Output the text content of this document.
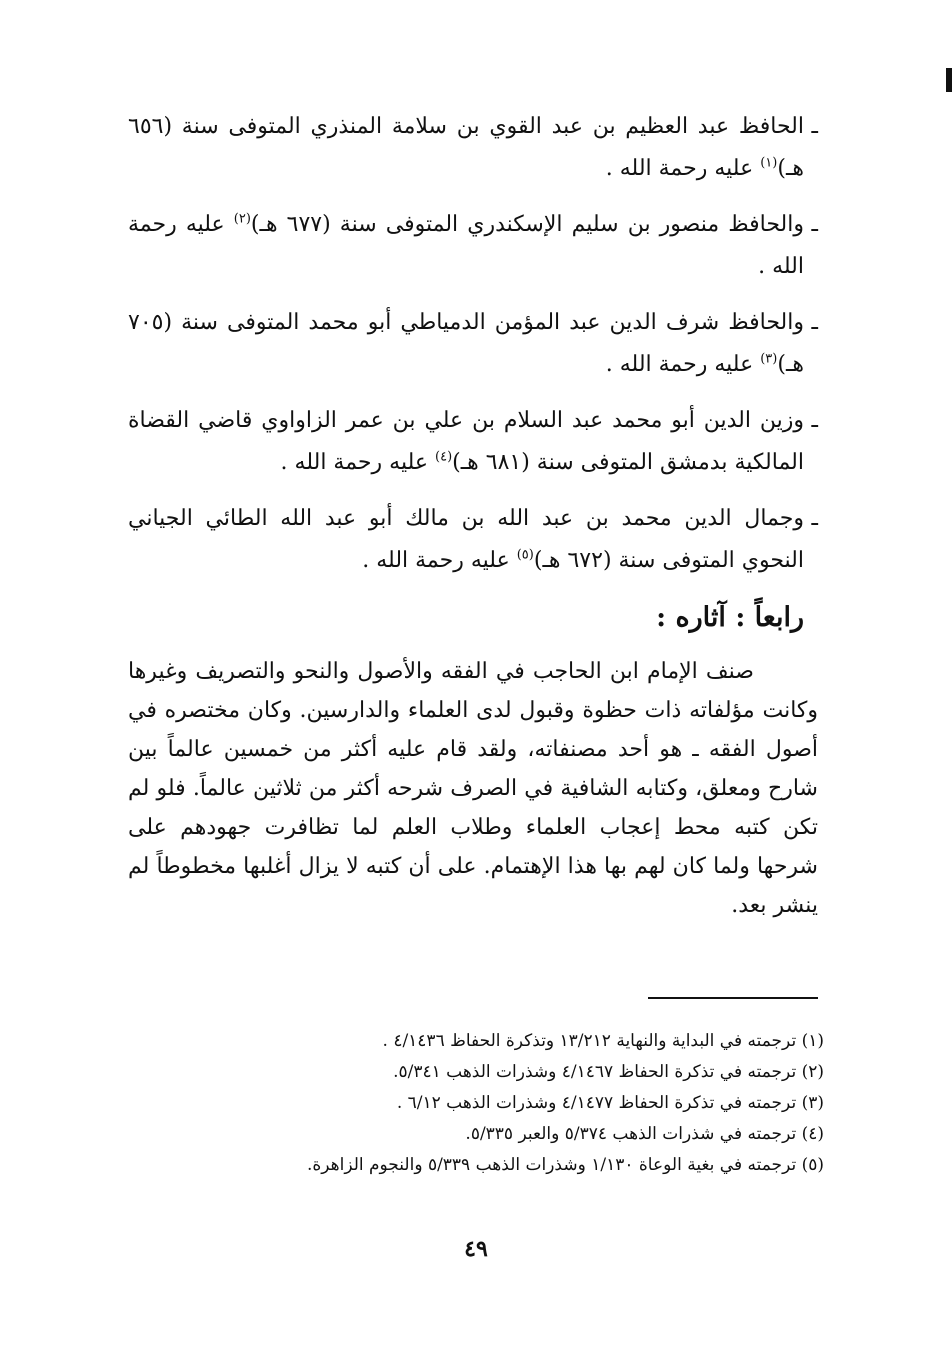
ـ
الحافظ عبد العظيم بن عبد القوي بن سلامة المنذري المتوفى سنة (٦٥٦ هـ)$^{(١)}$ عليه رحمة الله .
ـ
والحافظ منصور بن سليم الإسكندري المتوفى سنة (٦٧٧ هـ)$^{(٢)}$ عليه رحمة الله .
ـ
والحافظ شرف الدين عبد المؤمن الدمياطي أبو محمد المتوفى سنة (٧٠٥ هـ)$^{(٣)}$ عليه رحمة الله .
ـ
وزين الدين أبو محمد عبد السلام بن علي بن عمر الزاواوي قاضي القضاة المالكية بدمشق المتوفى سنة (٦٨١ هـ)$^{(٤)}$ عليه رحمة الله .
ـ
وجمال الدين محمد بن عبد الله بن مالك أبو عبد الله الطائي الجياني النحوي المتوفى سنة (٦٧٢ هـ)$^{(٥)}$ عليه رحمة الله .
رابعاً : آثاره :

صنف الإمام ابن الحاجب في الفقه والأصول والنحو والتصريف وغيرها وكانت مؤلفاته ذات حظوة وقبول لدى العلماء والدارسين. وكان مختصره في أصول الفقه ـ هو أحد مصنفاته، ولقد قام عليه أكثر من خمسين عالماً بين شارح ومعلق، وكتابه الشافية في الصرف شرحه أكثر من ثلاثين عالماً. فلو لم تكن كتبه محط إعجاب العلماء وطلاب العلم لما تظافرت جهودهم على شرحها ولما كان لهم بها هذا الإهتمام. على أن كتبه لا يزال أغلبها مخطوطاً لم ينشر بعد.

(١) ترجمته في البداية والنهاية ١٣/٢١٢ وتذكرة الحفاظ ٤/١٤٣٦ .
(٢) ترجمته في تذكرة الحفاظ ٤/١٤٦٧ وشذرات الذهب ٥/٣٤١.
(٣) ترجمته في تذكرة الحفاظ ٤/١٤٧٧ وشذرات الذهب ٦/١٢ .
(٤) ترجمته في شذرات الذهب ٥/٣٧٤ والعبر ٥/٣٣٥.
(٥) ترجمته في بغية الوعاة ١/١٣٠ وشذرات الذهب ٥/٣٣٩ والنجوم الزاهرة.
٤٩
